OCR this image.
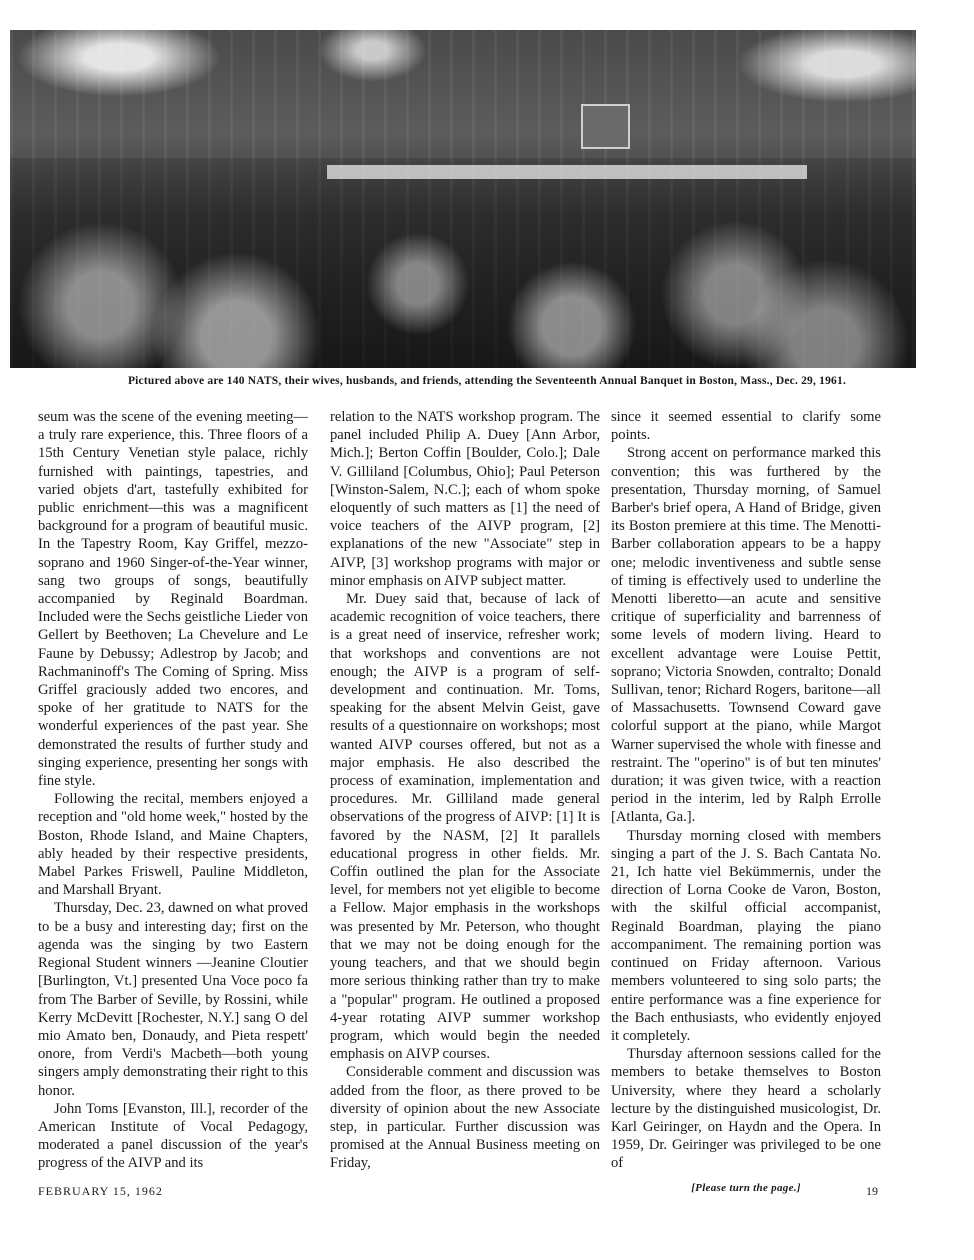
Pictured above are 140 NATS, their wives, husbands, and friends, attending the Seventeenth Annual Banquet in Boston, Mass., Dec. 29, 1961.

seum was the scene of the evening meeting—a truly rare experience, this. Three floors of a 15th Century Venetian style palace, richly furnished with paintings, tapestries, and varied objets d'art, tastefully exhibited for public enrichment—this was a magnificent background for a program of beautiful music. In the Tapestry Room, Kay Griffel, mezzo-soprano and 1960 Singer-of-the-Year winner, sang two groups of songs, beautifully accompanied by Reginald Boardman. Included were the Sechs geistliche Lieder von Gellert by Beethoven; La Chevelure and Le Faune by Debussy; Adlestrop by Jacob; and Rachmaninoff's The Coming of Spring. Miss Griffel graciously added two encores, and spoke of her gratitude to NATS for the wonderful experiences of the past year. She demonstrated the results of further study and singing experience, presenting her songs with fine style.

Following the recital, members enjoyed a reception and "old home week," hosted by the Boston, Rhode Island, and Maine Chapters, ably headed by their respective presidents, Mabel Parkes Friswell, Pauline Middleton, and Marshall Bryant.

Thursday, Dec. 23, dawned on what proved to be a busy and interesting day; first on the agenda was the singing by two Eastern Regional Student winners —Jeanine Cloutier [Burlington, Vt.] presented Una Voce poco fa from The Barber of Seville, by Rossini, while Kerry McDevitt [Rochester, N.Y.] sang O del mio Amato ben, Donaudy, and Pieta respett' onore, from Verdi's Macbeth—both young singers amply demonstrating their right to this honor.

John Toms [Evanston, Ill.], recorder of the American Institute of Vocal Pedagogy, moderated a panel discussion of the year's progress of the AIVP and its

relation to the NATS workshop program. The panel included Philip A. Duey [Ann Arbor, Mich.]; Berton Coffin [Boulder, Colo.]; Dale V. Gilliland [Columbus, Ohio]; Paul Peterson [Winston-Salem, N.C.]; each of whom spoke eloquently of such matters as [1] the need of voice teachers of the AIVP program, [2] explanations of the new "Associate" step in AIVP, [3] workshop programs with major or minor emphasis on AIVP subject matter.

Mr. Duey said that, because of lack of academic recognition of voice teachers, there is a great need of inservice, refresher work; that workshops and conventions are not enough; the AIVP is a program of self-development and continuation. Mr. Toms, speaking for the absent Melvin Geist, gave results of a questionnaire on workshops; most wanted AIVP courses offered, but not as a major emphasis. He also described the process of examination, implementation and procedures. Mr. Gilliland made general observations of the progress of AIVP: [1] It is favored by the NASM, [2] It parallels educational progress in other fields. Mr. Coffin outlined the plan for the Associate level, for members not yet eligible to become a Fellow. Major emphasis in the workshops was presented by Mr. Peterson, who thought that we may not be doing enough for the young teachers, and that we should begin more serious thinking rather than try to make a "popular" program. He outlined a proposed 4-year rotating AIVP summer workshop program, which would begin the needed emphasis on AIVP courses.

Considerable comment and discussion was added from the floor, as there proved to be diversity of opinion about the new Associate step, in particular. Further discussion was promised at the Annual Business meeting on Friday,

since it seemed essential to clarify some points.

Strong accent on performance marked this convention; this was furthered by the presentation, Thursday morning, of Samuel Barber's brief opera, A Hand of Bridge, given its Boston premiere at this time. The Menotti-Barber collaboration appears to be a happy one; melodic inventiveness and subtle sense of timing is effectively used to underline the Menotti liberetto—an acute and sensitive critique of superficiality and barrenness of some levels of modern living. Heard to excellent advantage were Louise Pettit, soprano; Victoria Snowden, contralto; Donald Sullivan, tenor; Richard Rogers, baritone—all of Massachusetts. Townsend Coward gave colorful support at the piano, while Margot Warner supervised the whole with finesse and restraint. The "operino" is of but ten minutes' duration; it was given twice, with a reaction period in the interim, led by Ralph Errolle [Atlanta, Ga.].

Thursday morning closed with members singing a part of the J. S. Bach Cantata No. 21, Ich hatte viel Bekümmernis, under the direction of Lorna Cooke de Varon, Boston, with the skilful official accompanist, Reginald Boardman, playing the piano accompaniment. The remaining portion was continued on Friday afternoon. Various members volunteered to sing solo parts; the entire performance was a fine experience for the Bach enthusiasts, who evidently enjoyed it completely.

Thursday afternoon sessions called for the members to betake themselves to Boston University, where they heard a scholarly lecture by the distinguished musicologist, Dr. Karl Geiringer, on Haydn and the Opera. In 1959, Dr. Geiringer was privileged to be one of

[Please turn the page.]
FEBRUARY 15, 1962	19
